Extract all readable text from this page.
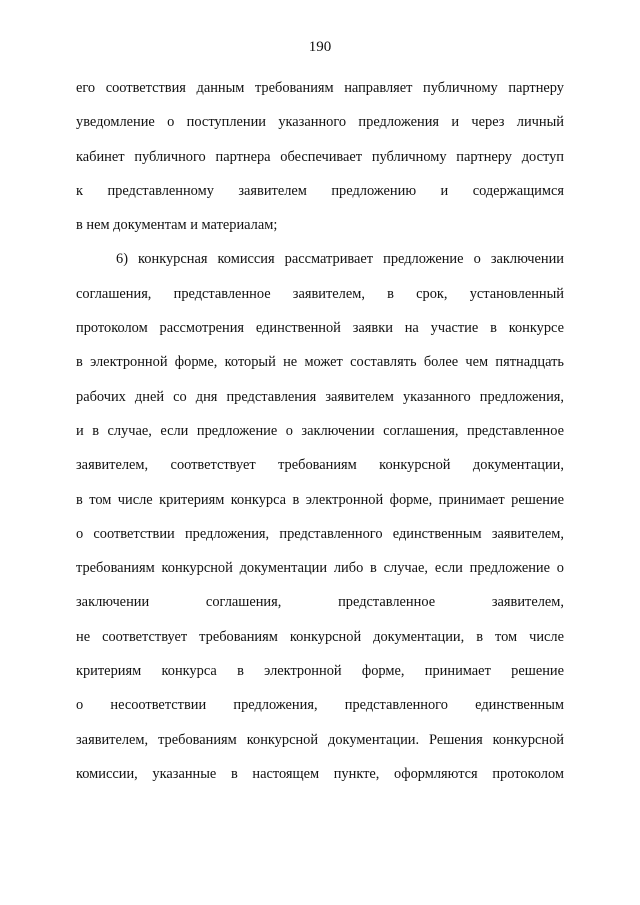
190
его соответствия данным требованиям направляет публичному партнеру
уведомление о поступлении указанного предложения и через личный
кабинет публичного партнера обеспечивает публичному партнеру доступ
к представленному заявителем предложению и содержащимся
в нем документам и материалам;
6) конкурсная комиссия рассматривает предложение о заключении
соглашения, представленное заявителем, в срок, установленный
протоколом рассмотрения единственной заявки на участие в конкурсе
в электронной форме, который не может составлять более чем пятнадцать
рабочих дней со дня представления заявителем указанного предложения,
и в случае, если предложение о заключении соглашения, представленное
заявителем, соответствует требованиям конкурсной документации,
в том числе критериям конкурса в электронной форме, принимает решение
о соответствии предложения, представленного единственным заявителем,
требованиям конкурсной документации либо в случае, если предложение о
заключении соглашения, представленное заявителем,
не соответствует требованиям конкурсной документации, в том числе
критериям конкурса в электронной форме, принимает решение
о несоответствии предложения, представленного единственным
заявителем, требованиям конкурсной документации. Решения конкурсной
комиссии, указанные в настоящем пункте, оформляются протоколом
